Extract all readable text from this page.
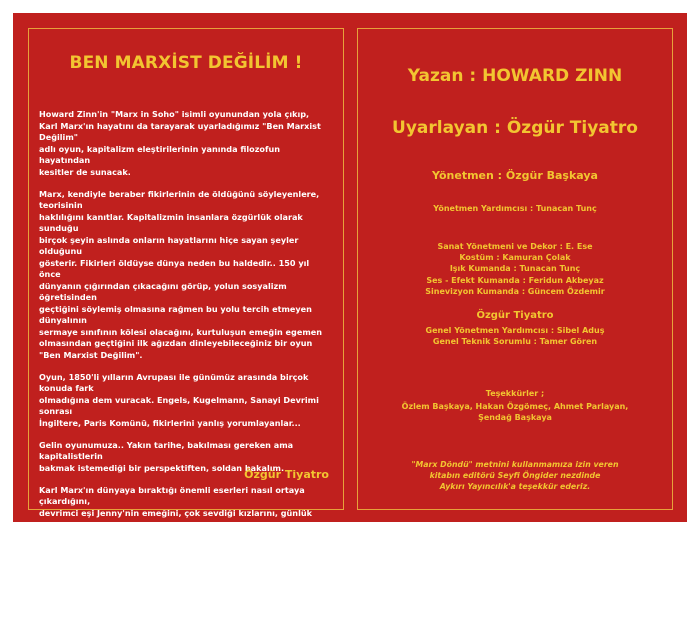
BEN MARXİST DEĞİLİM !

Howard Zinn'in "Marx in Soho" isimli oyunundan yola çıkıp,
Karl Marx'ın hayatını da tarayarak uyarladığımız "Ben Marxist Değilim"
adlı oyun, kapitalizm eleştirilerinin yanında filozofun hayatından
kesitler de sunacak.

Marx, kendiyle beraber fikirlerinin de öldüğünü söyleyenlere, teorisinin
haklılığını kanıtlar. Kapitalizmin insanlara özgürlük olarak sunduğu
birçok şeyin aslında onların hayatlarını hiçe sayan şeyler olduğunu
gösterir. Fikirleri öldüyse dünya neden bu haldedir.. 150 yıl önce
dünyanın çığırından çıkacağını görüp, yolun sosyalizm öğretisinden
geçtiğini söylemiş olmasına rağmen bu yolu tercih etmeyen dünyalının
sermaye sınıfının kölesi olacağını, kurtuluşun emeğin egemen
olmasından geçtiğini ilk ağızdan dinleyebileceğiniz bir oyun
"Ben Marxist Değilim".

Oyun, 1850'li yılların Avrupası ile günümüz arasında birçok konuda fark
olmadığına dem vuracak. Engels, Kugelmann, Sanayi Devrimi sonrası
İngiltere, Paris Komünü, fikirlerini yanlış yorumlayanlar...

Gelin oyunumuza.. Yakın tarihe, bakılması gereken ama kapitalistlerin
bakmak istemediği bir perspektiften, soldan bakalım.

Karl Marx'ın dünyaya bıraktığı önemli eserleri nasıl ortaya çıkardığını,
devrimci eşi Jenny'nin emeğini, çok sevdiği kızlarını, günlük yaşamını,
çektiği tüm zorlukları bu kez Soho'dan değil, Anadolu'dan beraber
gözlemleyelim.

Paranın her şeyi nasıl karşıtına dönüştürdüğünü, hayatlarımızda bunun
etkisini nasıl göremediğimizi ihtiyar Marx anlatsın bizlere...

Özgür Tiyatro
Yazan : HOWARD ZINN
Uyarlayan : Özgür Tiyatro
Yönetmen : Özgür Başkaya
Yönetmen Yardımcısı : Tunacan Tunç
Sanat Yönetmeni ve Dekor : E. Ese
Kostüm : Kamuran Çolak
Işık Kumanda : Tunacan Tunç
Ses - Efekt Kumanda : Feridun Akbeyaz
Sinevizyon Kumanda : Güncem Özdemir
Özgür Tiyatro
Genel Yönetmen Yardımcısı : Sibel Aduş
Genel Teknik Sorumlu : Tamer Gören
Teşekkürler ;
Özlem Başkaya, Hakan Özgömeç, Ahmet Parlayan,
Şendağ Başkaya
"Marx Döndü" metnini kullanmamıza izin veren
kitabın editörü Seyfi Öngider nezdinde
Aykırı Yayıncılık'a teşekkür ederiz.
